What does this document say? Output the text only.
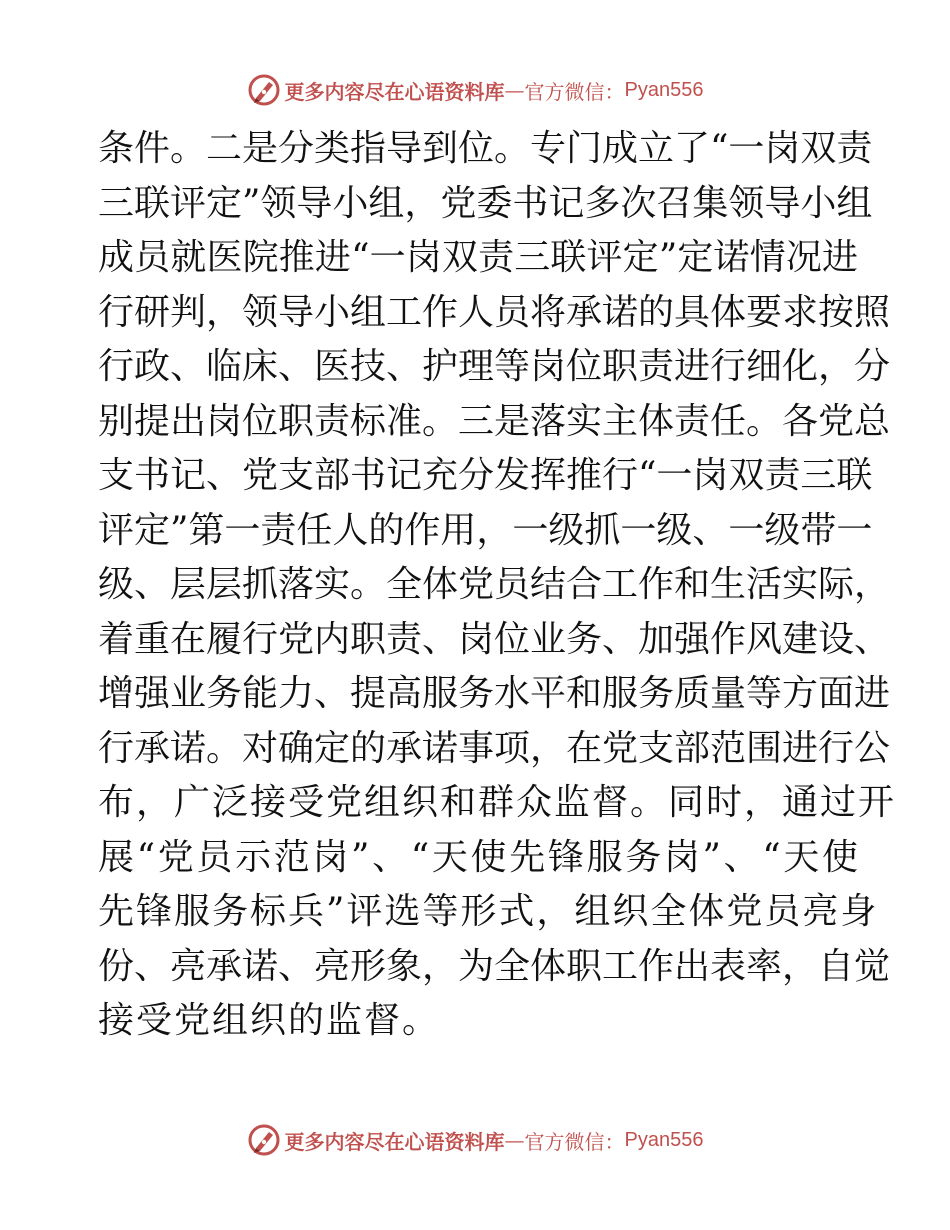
更多内容尽在心语资料库 — 官方微信： Pyan556
条件。二是分类指导到位。专门成立了“一岗双责
三联评定”领导小组，党委书记多次召集领导小组
成员就医院推进“一岗双责三联评定”定诺情况进
行研判，领导小组工作人员将承诺的具体要求按照
行政、临床、医技、护理等岗位职责进行细化，分
别提出岗位职责标准。三是落实主体责任。各党总
支书记、党支部书记充分发挥推行“一岗双责三联
评定”第一责任人的作用，一级抓一级、一级带一
级、层层抓落实。全体党员结合工作和生活实际，
着重在履行党内职责、岗位业务、加强作风建设、
增强业务能力、提高服务水平和服务质量等方面进
行承诺。对确定的承诺事项，在党支部范围进行公
布，广泛接受党组织和群众监督。同时，通过开
展“党员示范岗”、“天使先锋服务岗”、“天使
先锋服务标兵”评选等形式，组织全体党员亮身
份、亮承诺、亮形象，为全体职工作出表率，自觉
接受党组织的监督。
更多内容尽在心语资料库 — 官方微信： Pyan556
